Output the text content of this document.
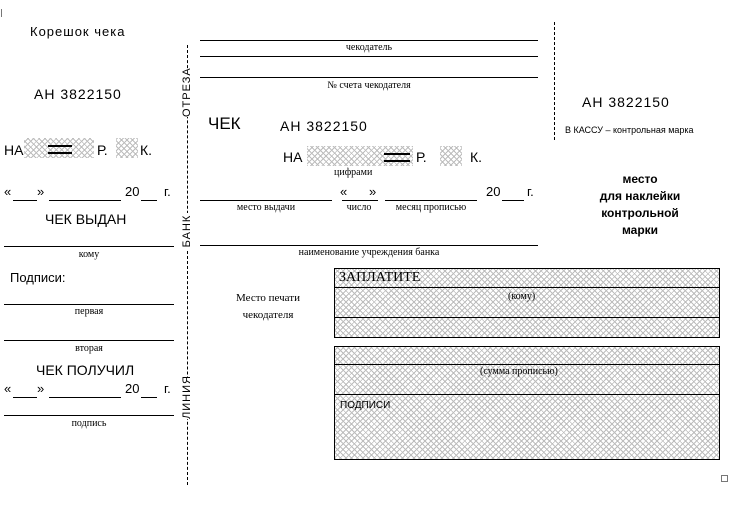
Корешок чека
АН 3822150
НА	Р. К.
« »	20 г.
ЧЕК ВЫДАН
кому
Подписи:
первая
вторая
ЧЕК ПОЛУЧИЛ
« »	20 г.
подпись
ОТРЕЗА
БАНК
ЛИНИЯ
чекодатель
№ счета чекодателя
ЧЕК	АН 3822150
НА	Р.	К.
цифрами
место выдачи
« »
число	месяц прописью
20 г.
наименование учреждения банка
Место печати
чекодателя
ЗАПЛАТИТЕ
(кому)
(сумма прописью)
ПОДПИСИ
АН 3822150
В КАССУ – контрольная марка
место
для наклейки
контрольной
марки
